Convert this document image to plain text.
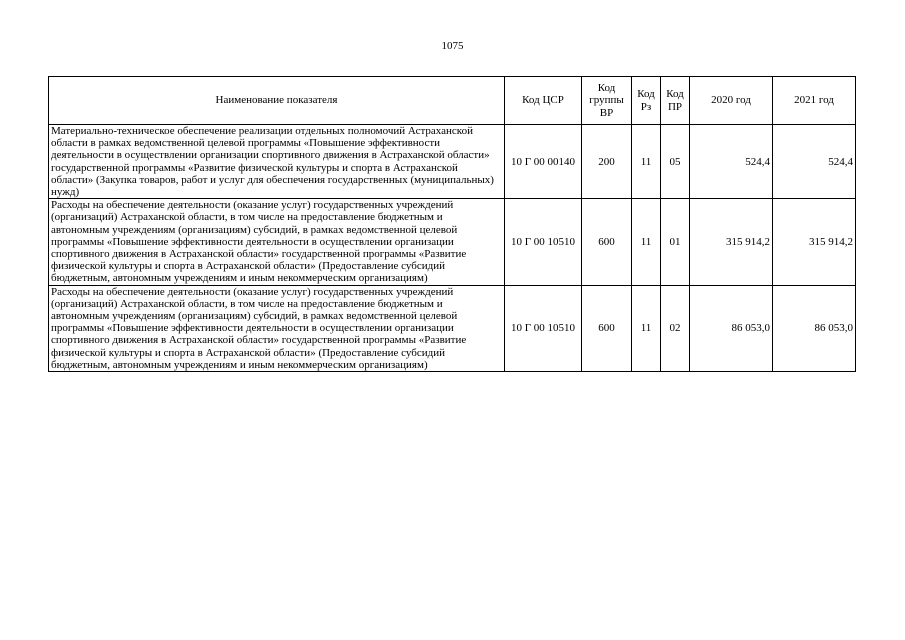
1075
Наименование показателя	Код ЦСР	Код группы ВР	Код Рз	Код ПР	2020 год	2021 год
Материально-техническое обеспечение реализации отдельных полномочий Астраханской области в рамках ведомственной целевой программы «Повышение эффективности деятельности в осуществлении организации спортивного движения в Астраханской области» государственной программы «Развитие физической культуры и спорта в Астраханской области» (Закупка товаров, работ и услуг для обеспечения государственных (муниципальных) нужд)	10 Г 00 00140	200	11	05	524,4	524,4
Расходы на обеспечение деятельности (оказание услуг) государственных учреждений (организаций) Астраханской области, в том числе на предоставление бюджетным и автономным учреждениям (организациям) субсидий, в рамках ведомственной целевой программы «Повышение эффективности деятельности в осуществлении организации спортивного движения в Астраханской области» государственной программы «Развитие физической культуры и спорта в Астраханской области» (Предоставление субсидий бюджетным, автономным учреждениям и иным некоммерческим организациям)	10 Г 00 10510	600	11	01	315 914,2	315 914,2
Расходы на обеспечение деятельности (оказание услуг) государственных учреждений (организаций) Астраханской области, в том числе на предоставление бюджетным и автономным учреждениям (организациям) субсидий, в рамках ведомственной целевой программы «Повышение эффективности деятельности в осуществлении организации спортивного движения в Астраханской области» государственной программы «Развитие физической культуры и спорта в Астраханской области» (Предоставление субсидий бюджетным, автономным учреждениям и иным некоммерческим организациям)	10 Г 00 10510	600	11	02	86 053,0	86 053,0
